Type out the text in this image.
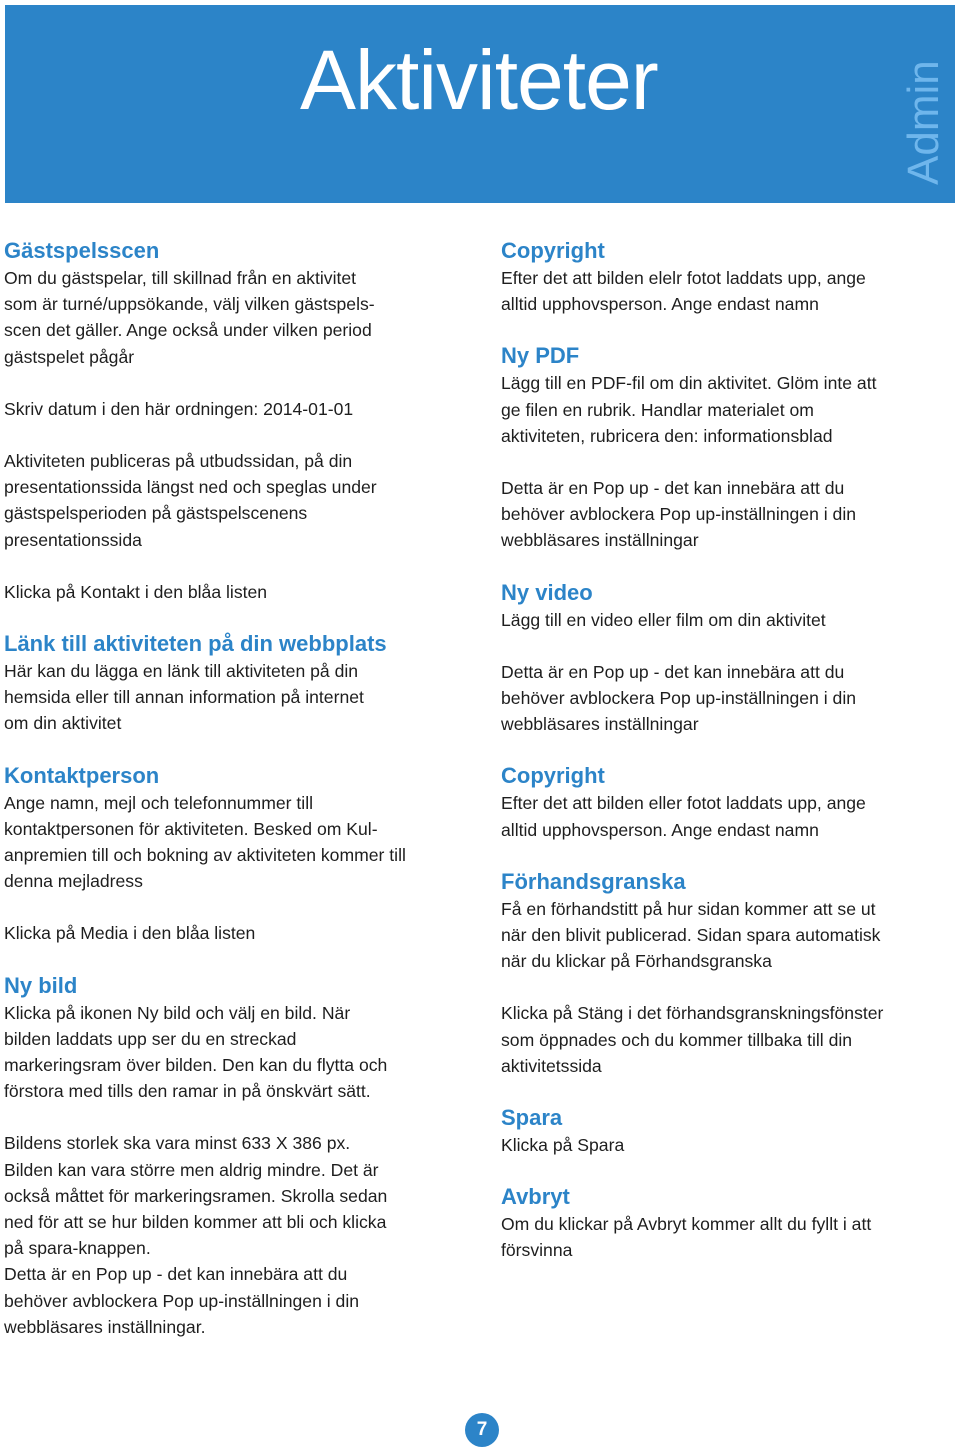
Aktiviteter	Admin
Gästspelsscen

Om du gästspelar, till skillnad från en aktivitet
som är turné/uppsökande, välj vilken gästspels-
scen det gäller. Ange också under vilken period
gästspelet pågår

Skriv datum i den här ordningen: 2014-01-01

Aktiviteten publiceras på utbudssidan, på din
presentationssida längst ned och speglas under
gästspelsperioden på gästspelscenens
presentationssida

Klicka på Kontakt i den blåa listen

Länk till aktiviteten på din webbplats

Här kan du lägga en länk till aktiviteten på din
hemsida eller till annan information på internet
om din aktivitet

Kontaktperson

Ange namn, mejl och telefonnummer till
kontaktpersonen för aktiviteten. Besked om Kul-
anpremien till och bokning av aktiviteten kommer till
denna mejladress

Klicka på Media i den blåa listen

Ny bild

Klicka på ikonen Ny bild och välj en bild. När
bilden laddats upp ser du en streckad
markeringsram över bilden. Den kan du flytta och
förstora med tills den ramar in på önskvärt sätt.

Bildens storlek ska vara minst 633 X 386 px.
Bilden kan vara större men aldrig mindre. Det är
också måttet för markeringsramen. Skrolla sedan
ned för att se hur bilden kommer att bli och klicka
på spara-knappen.
Detta är en Pop up - det kan innebära att du
behöver avblockera Pop up-inställningen i din
webbläsares inställningar.

Copyright

Efter det att bilden elelr fotot laddats upp, ange
alltid upphovsperson. Ange endast namn

Ny PDF

Lägg till en PDF-fil om din aktivitet. Glöm inte att
ge filen en rubrik. Handlar materialet om
aktiviteten, rubricera den: informationsblad

Detta är en Pop up - det kan innebära att du
behöver avblockera Pop up-inställningen i din
webbläsares inställningar

Ny video

Lägg till en video eller film om din aktivitet

Detta är en Pop up - det kan innebära att du
behöver avblockera Pop up-inställningen i din
webbläsares inställningar

Copyright

Efter det att bilden eller fotot laddats upp, ange
alltid upphovsperson. Ange endast namn

Förhandsgranska

Få en förhandstitt på hur sidan kommer att se ut
när den blivit publicerad. Sidan spara automatisk
när du klickar på Förhandsgranska

Klicka på Stäng i det förhandsgranskningsfönster
som öppnades och du kommer tillbaka till din
aktivitetssida

Spara

Klicka på Spara

Avbryt

Om du klickar på Avbryt kommer allt du fyllt i att
försvinna

7
